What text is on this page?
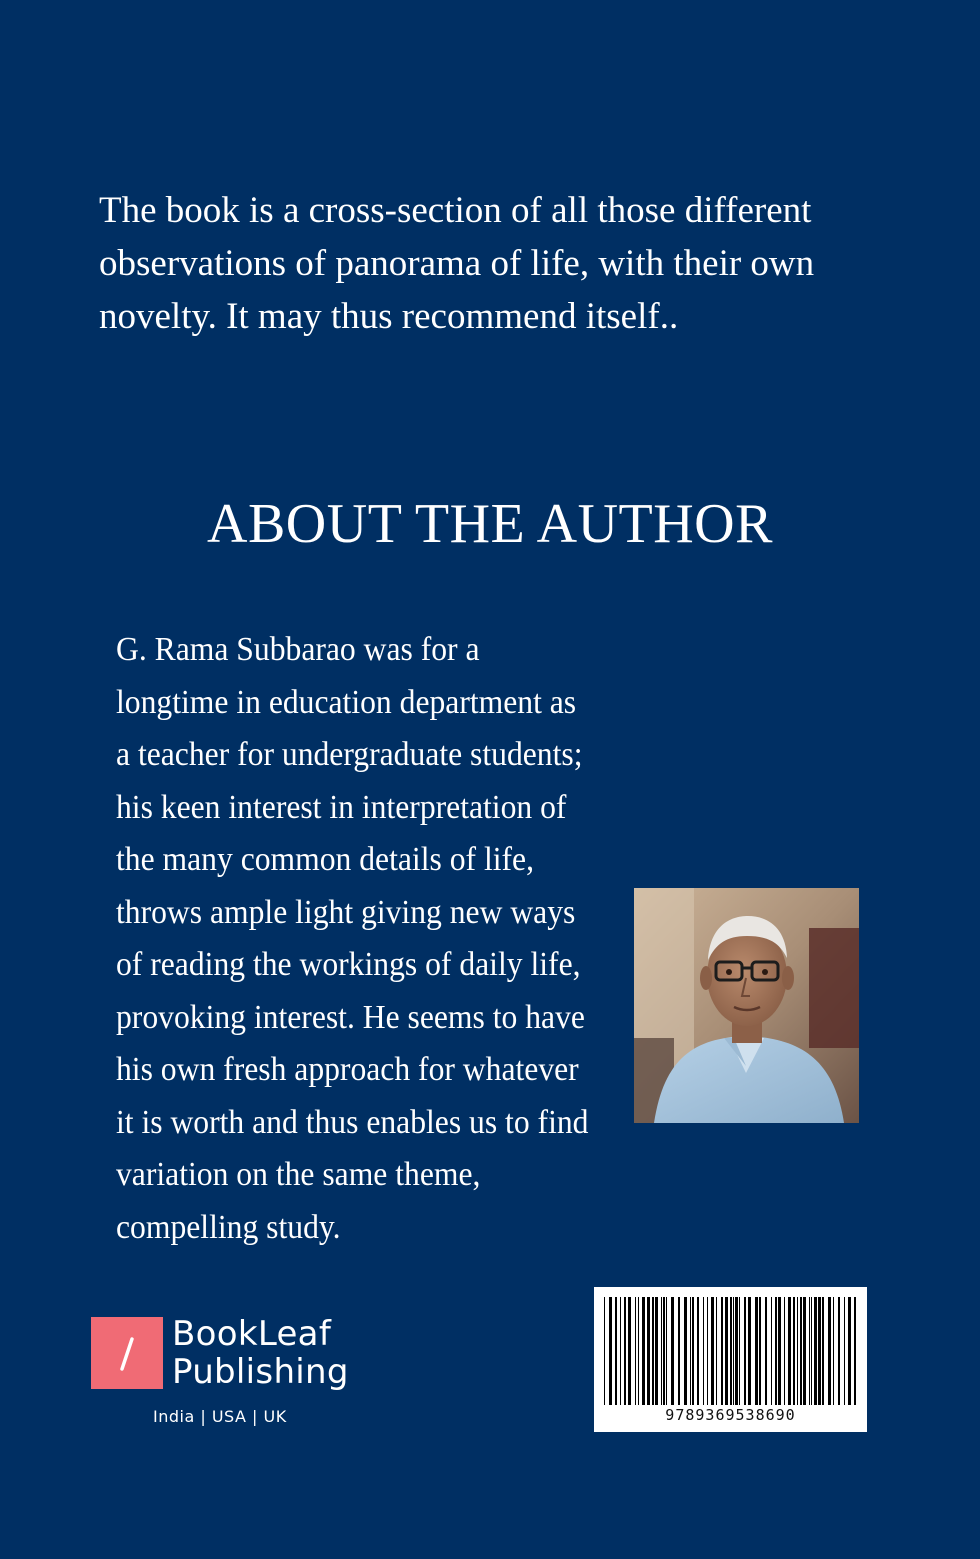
The book is a cross-section of all those different
observations of panorama of life, with their own
novelty. It may thus recommend itself..
ABOUT THE AUTHOR
G. Rama Subbarao was for a
longtime in education department as
a teacher for undergraduate students;
his keen interest in interpretation of
the many common details of life,
throws ample light giving new ways
of reading the workings of daily life,
provoking interest. He seems to have
his own fresh approach for whatever
it is worth and thus enables us to find
variation on the same theme,
compelling study.
BookLeaf
Publishing
India | USA | UK	9789369538690
